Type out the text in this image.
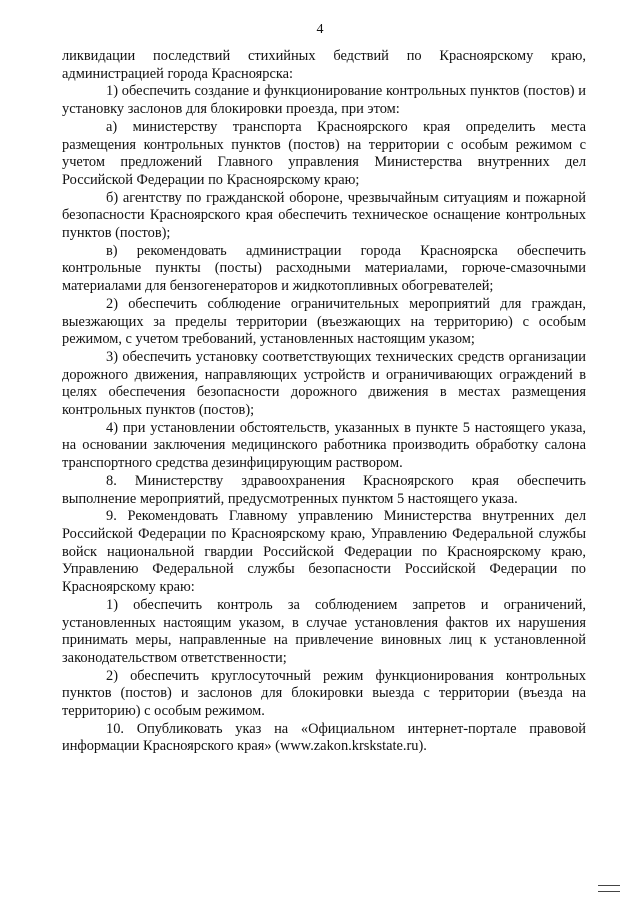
4

ликвидации последствий стихийных бедствий по Красноярскому краю, администрацией города Красноярска:

1) обеспечить создание и функционирование контрольных пунктов (постов) и установку заслонов для блокировки проезда, при этом:

а) министерству транспорта Красноярского края определить места размещения контрольных пунктов (постов) на территории с особым режимом с учетом предложений Главного управления Министерства внутренних дел Российской Федерации по Красноярскому краю;

б) агентству по гражданской обороне, чрезвычайным ситуациям и пожарной безопасности Красноярского края обеспечить техническое оснащение контрольных пунктов (постов);

в) рекомендовать администрации города Красноярска обеспечить контрольные пункты (посты) расходными материалами, горюче-смазочными материалами для бензогенераторов и жидкотопливных обогревателей;

2) обеспечить соблюдение ограничительных мероприятий для граждан, выезжающих за пределы территории (въезжающих на территорию) с особым режимом, с учетом требований, установленных настоящим указом;

3) обеспечить установку соответствующих технических средств организации дорожного движения, направляющих устройств и ограничивающих ограждений в целях обеспечения безопасности дорожного движения в местах размещения контрольных пунктов (постов);

4) при установлении обстоятельств, указанных в пункте 5 настоящего указа, на основании заключения медицинского работника производить обработку салона транспортного средства дезинфицирующим раствором.

8. Министерству здравоохранения Красноярского края обеспечить выполнение мероприятий, предусмотренных пунктом 5 настоящего указа.

9. Рекомендовать Главному управлению Министерства внутренних дел Российской Федерации по Красноярскому краю, Управлению Федеральной службы войск национальной гвардии Российской Федерации по Красноярскому краю, Управлению Федеральной службы безопасности Российской Федерации по Красноярскому краю:

1) обеспечить контроль за соблюдением запретов и ограничений, установленных настоящим указом, в случае установления фактов их нарушения принимать меры, направленные на привлечение виновных лиц к установленной законодательством ответственности;

2) обеспечить круглосуточный режим функционирования контрольных пунктов (постов) и заслонов для блокировки выезда с территории (въезда на территорию) с особым режимом.

10. Опубликовать указ на «Официальном интернет-портале правовой информации Красноярского края» (www.zakon.krskstate.ru).
